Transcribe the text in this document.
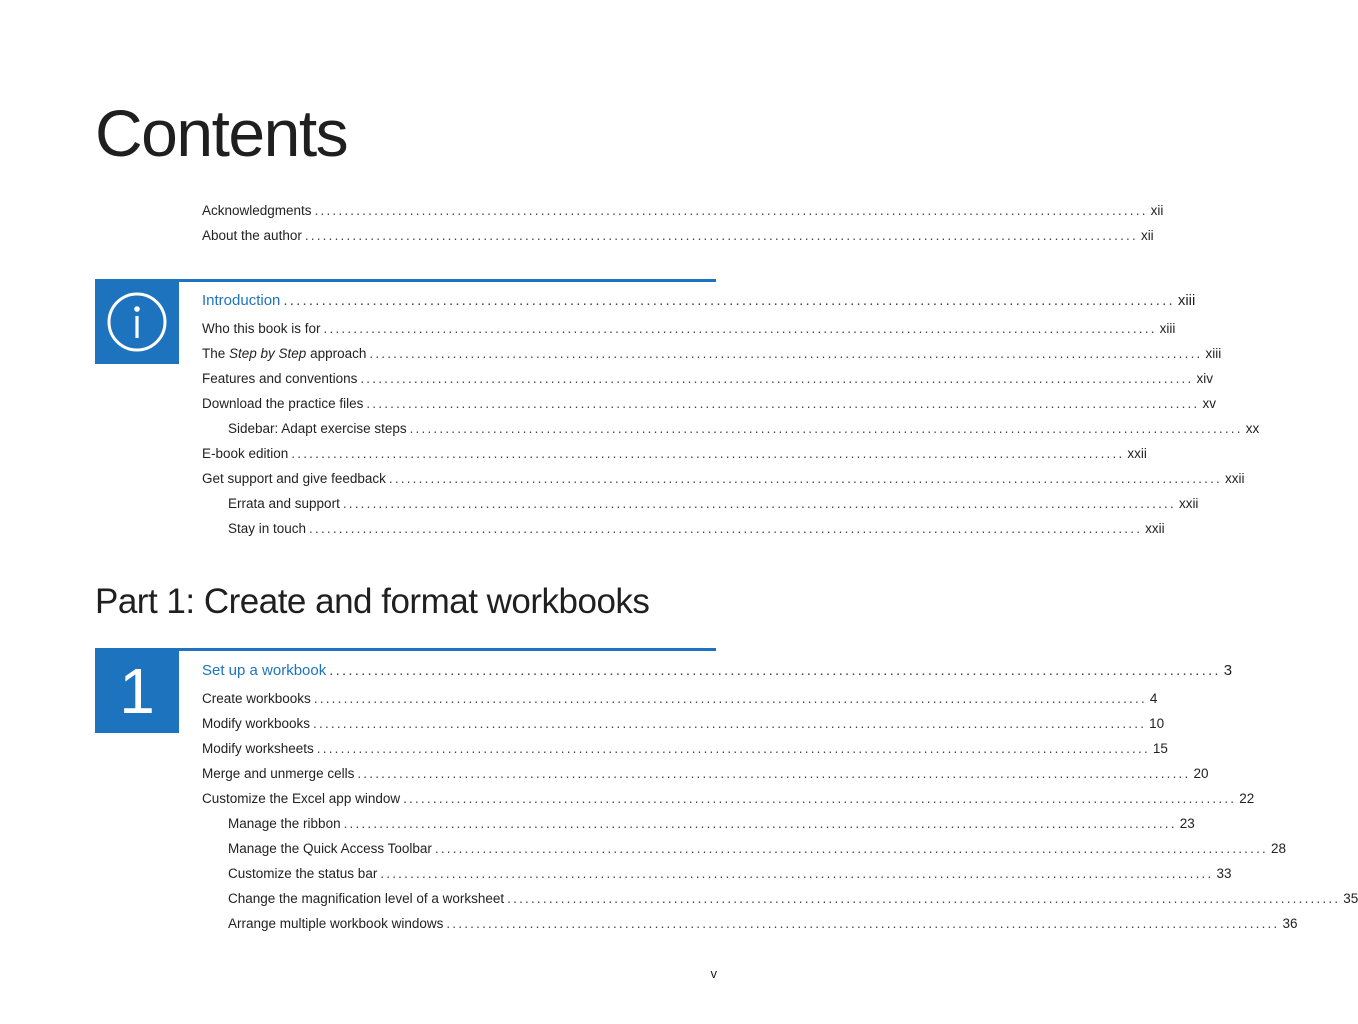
Contents
Acknowledgments ............................................................................................................................................ xii
About the author ............................................................................................................................................ xii
Introduction ............................................................................................................................................ xiii
Who this book is for ............................................................................................................................................ xiii
The Step by Step approach ............................................................................................................................................ xiii
Features and conventions ............................................................................................................................................ xiv
Download the practice files ............................................................................................................................................ xv
Sidebar: Adapt exercise steps ............................................................................................................................................ xx
E-book edition ............................................................................................................................................ xxii
Get support and give feedback ............................................................................................................................................ xxii
Errata and support ............................................................................................................................................ xxii
Stay in touch ............................................................................................................................................ xxii
Part 1: Create and format workbooks
1	Set up a workbook ............................................................................................................................................ 3
Create workbooks ............................................................................................................................................ 4
Modify workbooks ............................................................................................................................................ 10
Modify worksheets ............................................................................................................................................ 15
Merge and unmerge cells ............................................................................................................................................ 20
Customize the Excel app window ............................................................................................................................................ 22
Manage the ribbon ............................................................................................................................................ 23
Manage the Quick Access Toolbar ............................................................................................................................................ 28
Customize the status bar ............................................................................................................................................ 33
Change the magnification level of a worksheet ............................................................................................................................................ 35
Arrange multiple workbook windows ............................................................................................................................................ 36
v
